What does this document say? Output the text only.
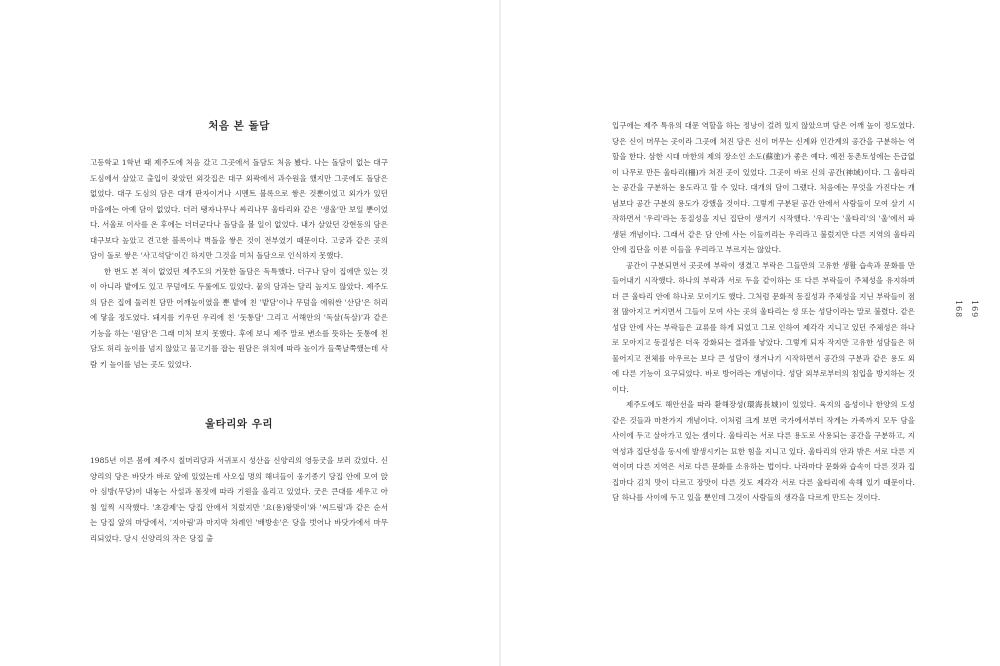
처음 본 돌담

고등학교 1학년 때 제주도에 처음 갔고 그곳에서 돌담도 처음 봤다. 나는 돌담이 없는 대구 도심에서 살았고 출입이 잦았던 외갓집은 대구 외곽에서 과수원을 했지만 그곳에도 돌담은 없었다. 대구 도심의 담은 대개 판자이거나 시멘트 블록으로 쌓은 것뿐이었고 외가가 있던 마을에는 아예 담이 없었다. 더러 탱자나무나 싸리나무 울타리와 같은 '생울'만 보일 뿐이었다. 서울로 이사를 온 후에는 더더군다나 돌담을 볼 일이 없었다. 내가 살았던 강현동의 담은 대구보다 높았고 견고한 블록이나 벽돌을 쌓은 것이 전부였기 때문이다. 고궁과 같은 곳의 담이 돌로 쌓은 '사고석담'이긴 하지만 그것을 미처 돌담으로 인식하지 못했다.

한 번도 본 적이 없었던 제주도의 거뭇한 돌담은 독특했다. 더구나 담이 집에만 있는 것이 아니라 밭에도 있고 무덤에도 두룰에도 있었다. 뭍의 담과는 달리 높지도 않았다. 제주도의 담은 집에 둘러친 담만 어깨높이였을 뿐 밭에 친 '밭담'이나 무덤을 에워싼 '산담'은 허리에 닿을 정도였다. 돼지를 키우던 우리에 친 '돗통담' 그리고 서해안의 '독살(독살)'과 같은 기능을 하는 '원담'은 그래 미처 보지 못했다. 후에 보니 제주 말로 변소를 뜻하는 돗통에 친 담도 허리 높이를 넘지 않았고 물고기를 잡는 원담은 위치에 따라 높이가 들쭉날쭉했는데 사람 키 높이를 넘는 곳도 있었다.

울타리와 우리

1985년 이른 봄에 제주시 칠머리당과 서귀포시 성산읍 신양리의 영등굿을 보러 갔었다. 신양리의 당은 바닷가 바로 앞에 있었는데 사오십 명의 해녀들이 웅기종기 당집 안에 모여 앉아 심방(무당)이 내놓는 사설과 몸짓에 따라 기원을 올리고 있었다. 굿은 큰대를 세우고 아침 일찍 시작했다. '초감제'는 당집 안에서 치렀지만 '요(용)왕맞이'와 '씨드림'과 같은 순서는 당집 앞의 마당에서, '지아림'과 마지막 차례인 '배방송'은 당을 벗어나 바닷가에서 마무리되었다. 당시 신양리의 작은 당집 출

입구에는 제주 특유의 대문 역할을 하는 정낭이 걸려 있지 않았으며 담은 어깨 높이 정도였다. 당은 신이 머무는 곳이라 그곳에 쳐진 담은 신이 머무는 신계와 인간계의 공간을 구분하는 역할을 한다. 삼한 시대 마한의 제의 장소인 소도(蘇塗)가 좋은 예다. 예전 동촌토성에는 든급없이 나무로 만든 울타리(柵)가 쳐진 곳이 있었다. 그곳이 바로 신의 공간(神域)이다. 그 울타리는 공간을 구분하는 용도라고 할 수 있다. 대개의 담이 그랬다. 처음에는 무엇을 가진다는 개념보다 공간 구분의 용도가 강했을 것이다. 그렇게 구분된 공간 안에서 사람들이 모여 살기 시작하면서 '우리'라는 동질성을 지닌 집단이 생겨기 시작했다. '우리'는 '울타리'의 '울'에서 파생된 개념이다. 그래서 같은 담 안에 사는 이들끼리는 우리라고 불렀지만 다른 지역의 울타리 안에 집단을 이룬 이들을 우리라고 부르지는 않았다.

공간이 구분되면서 곳곳에 부락이 생겼고 부락은 그들만의 고유한 생활 습속과 문화를 만들어내기 시작했다. 하나의 부락과 서로 두을 같이하는 또 다른 부락들이 주체성을 유지하며 더 큰 울타리 안에 하나로 모이기도 했다. 그처럼 문화적 동질성과 주체성을 지닌 부락들이 점점 많아지고 커지면서 그들이 모여 사는 곳의 울타리는 성 또는 성담이라는 말로 불렸다. 같은 성담 안에 사는 부락들은 교류를 하게 되었고 그로 인하여 제각각 지니고 있던 주체성은 하나로 모아지고 동질성은 더욱 강화되는 결과를 낳았다. 그렇게 되자 작지만 고유한 성담들은 허물어지고 전체를 아우르는 보다 큰 성담이 생겨나기 시작하면서 공간의 구분과 같은 용도 외에 다른 기능이 요구되었다. 바로 방어라는 개념이다. 성담 외부로부터의 침입을 방지하는 것이다.

제주도에도 해안선을 따라 환해장성(環海長城)이 있었다. 육지의 읍성이나 한양의 도성 같은 것들과 마찬가지 개념이다. 이처럼 크게 보면 국가에서부터 작게는 가족까지 모두 담을 사이에 두고 살아가고 있는 셈이다. 울타리는 서로 다른 용도로 사용되는 공간을 구분하고, 지역성과 집단성을 동시에 발생시키는 묘한 힘을 지니고 있다. 울타리의 안과 밖은 서로 다른 지역이며 다른 지역은 서로 다른 문화를 소유하는 법이다. 나라마다 문화와 습속이 다른 것과 집집마다 김치 맛이 다르고 장맛이 다른 것도 제각각 서로 다른 울타리에 속해 있기 때문이다. 담 하나를 사이에 두고 있을 뿐인데 그것이 사람들의 생각을 다르게 만드는 것이다.

168 169
